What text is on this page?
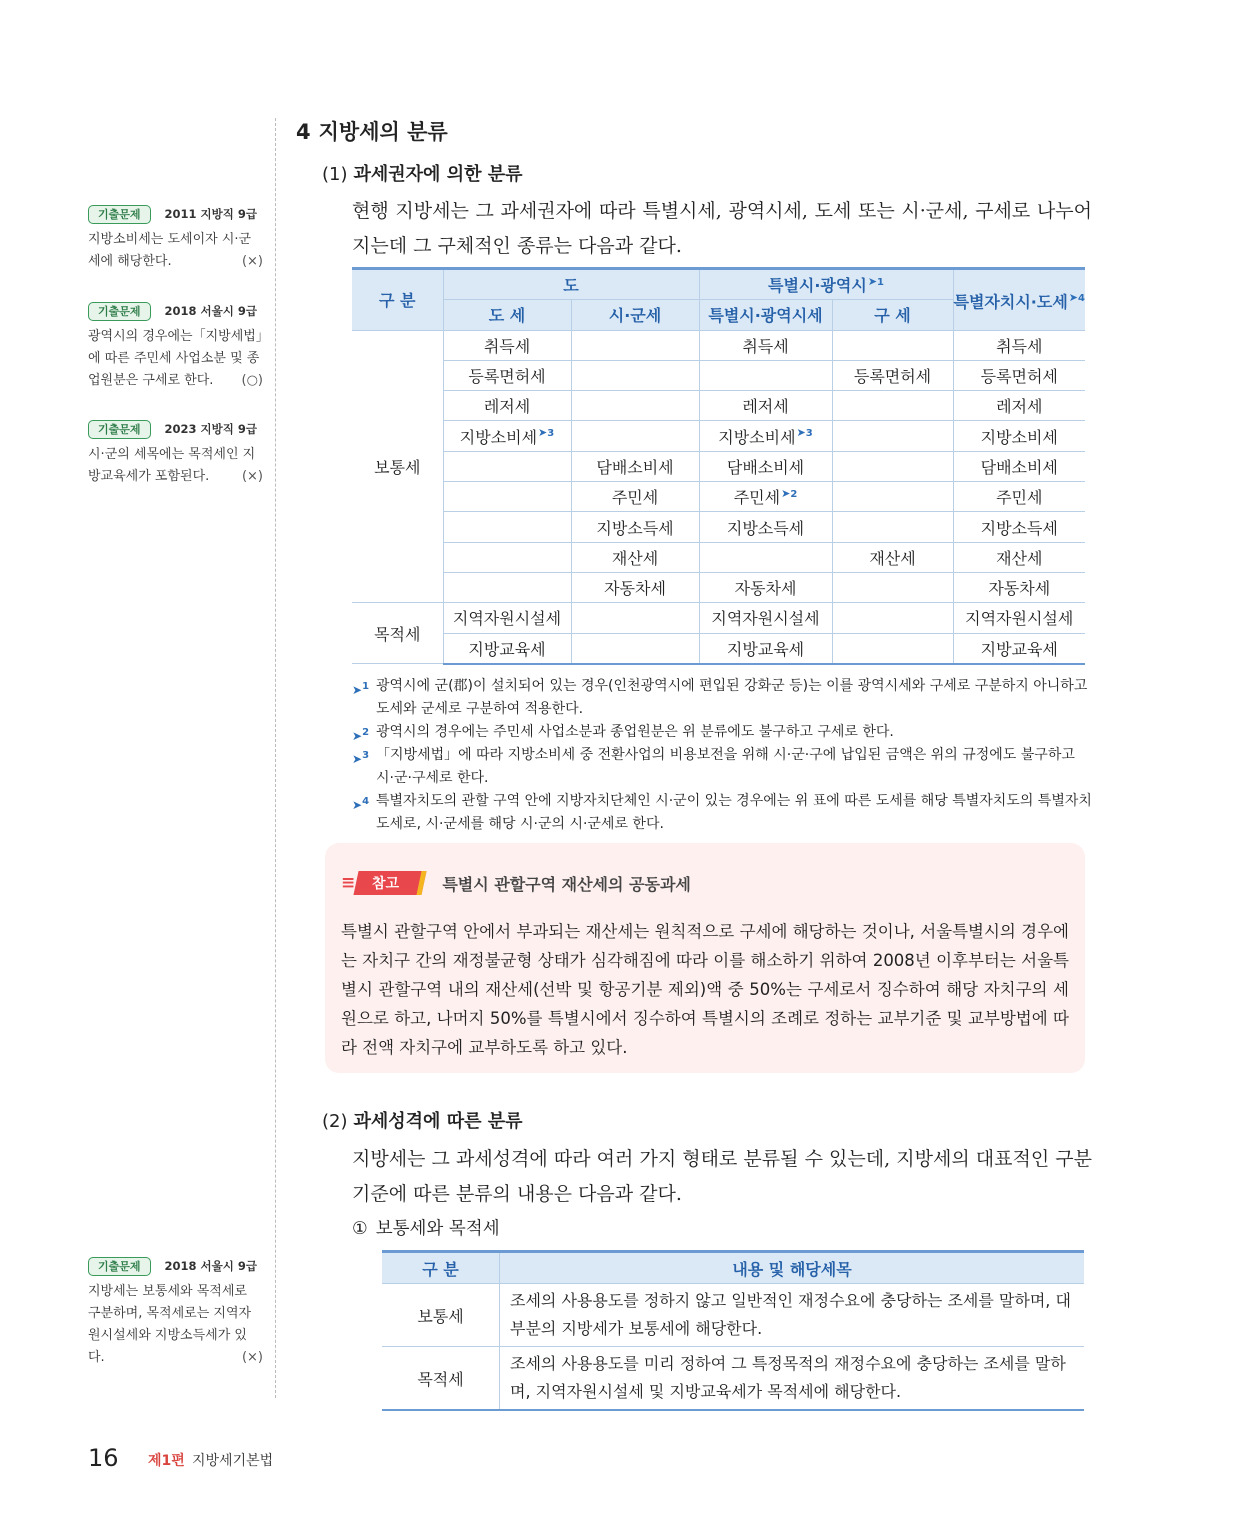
기출문제	2011 지방직 9급

지방소비세는 도세이자 시·군세에 해당한다.	(×)

기출문제	2018 서울시 9급

광역시의 경우에는「지방세법」에 따른 주민세 사업소분 및 종업원분은 구세로 한다. (○)

기출문제	2023 지방직 9급

시·군의 세목에는 목적세인 지방교육세가 포함된다.	(×)

기출문제	2018 서울시 9급

지방세는 보통세와 목적세로 구분하며, 목적세로는 지역자원시설세와 지방소득세가 있다.	(×)

4 지방세의 분류
(1) 과세권자에 의한 분류

현행 지방세는 그 과세권자에 따라 특별시세, 광역시세, 도세 또는 시·군세, 구세로 나누어지는데 그 구체적인 종류는 다음과 같다.

구 분	도		특별시·광역시$^{➤1}$		특별자치시·도세$^{➤4}$
	도 세	시·군세	특별시·광역시세	구 세	
보통세	취득세		취득세		취득세
	등록면허세			등록면허세	등록면허세
	레저세		레저세		레저세
	지방소비세$^{➤3}$		지방소비세$^{➤3}$		지방소비세
		담배소비세	담배소비세		담배소비세
		주민세	주민세$^{➤2}$		주민세
		지방소득세	지방소득세		지방소득세
		재산세		재산세	재산세
		자동차세	자동차세		자동차세
목적세	지역자원시설세		지역자원시설세		지역자원시설세
	지방교육세		지방교육세		지방교육세

➤$^1$ 광역시에 군(郡)이 설치되어 있는 경우(인천광역시에 편입된 강화군 등)는 이를 광역시세와 구세로 구분하지 아니하고 도세와 군세로 구분하여 적용한다.

➤$^2$ 광역시의 경우에는 주민세 사업소분과 종업원분은 위 분류에도 불구하고 구세로 한다.

➤$^3$ 「지방세법」에 따라 지방소비세 중 전환사업의 비용보전을 위해 시·군·구에 납입된 금액은 위의 규정에도 불구하고 시·군·구세로 한다.

➤$^4$ 특별자치도의 관할 구역 안에 지방자치단체인 시·군이 있는 경우에는 위 표에 따른 도세를 해당 특별자치도의 특별자치도세로, 시·군세를 해당 시·군의 시·군세로 한다.

≡	참고	특별시 관할구역 재산세의 공동과세

특별시 관할구역 안에서 부과되는 재산세는 원칙적으로 구세에 해당하는 것이나, 서울특별시의 경우에는 자치구 간의 재정불균형 상태가 심각해짐에 따라 이를 해소하기 위하여 2008년 이후부터는 서울특별시 관할구역 내의 재산세(선박 및 항공기분 제외)액 중 50%는 구세로서 징수하여 해당 자치구의 세원으로 하고, 나머지 50%를 특별시에서 징수하여 특별시의 조례로 정하는 교부기준 및 교부방법에 따라 전액 자치구에 교부하도록 하고 있다.

(2) 과세성격에 따른 분류

지방세는 그 과세성격에 따라 여러 가지 형태로 분류될 수 있는데, 지방세의 대표적인 구분기준에 따른 분류의 내용은 다음과 같다.

① 보통세와 목적세
구 분	내용 및 해당세목
보통세	조세의 사용용도를 정하지 않고 일반적인 재정수요에 충당하는 조세를 말하며, 대부분의 지방세가 보통세에 해당한다.
목적세	조세의 사용용도를 미리 정하여 그 특정목적의 재정수요에 충당하는 조세를 말하며, 지역자원시설세 및 지방교육세가 목적세에 해당한다.
16 제1편 지방세기본법
